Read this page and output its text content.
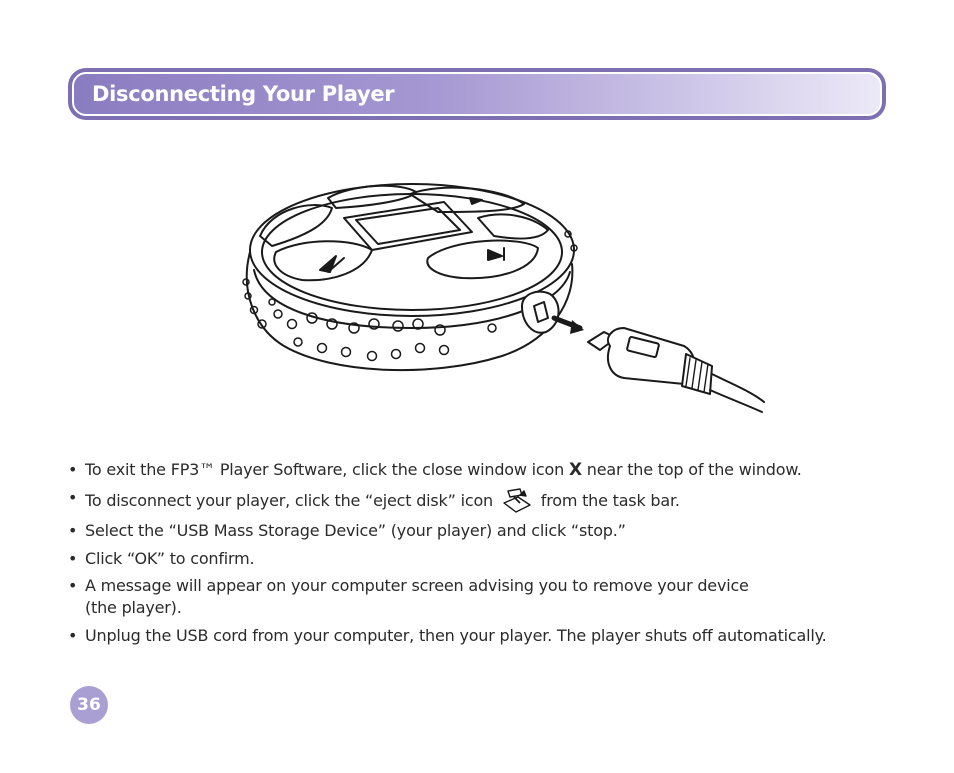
Disconnecting Your Player
• To exit the FP3™ Player Software, click the close window icon X near the top of the window.
• To disconnect your player, click the “eject disk” icon	from the task bar.
• Select the “USB Mass Storage Device” (your player) and click “stop.”
• Click “OK” to confirm.
• A message will appear on your computer screen advising you to remove your device
(the player).
• Unplug the USB cord from your computer, then your player. The player shuts off automatically.
36
